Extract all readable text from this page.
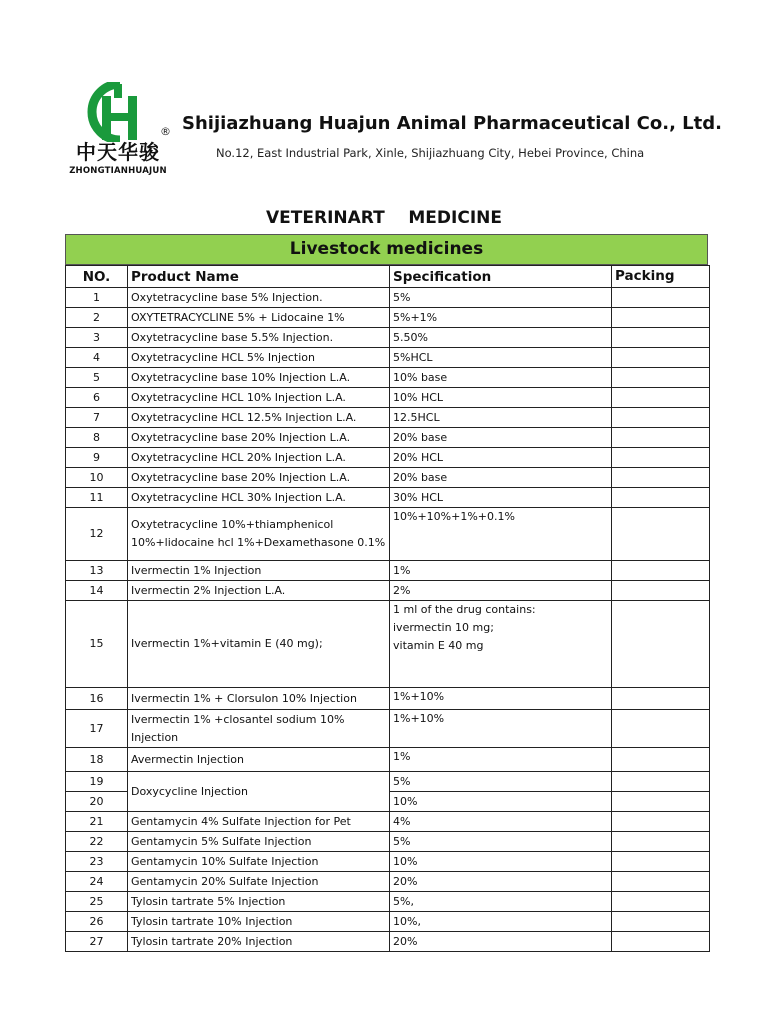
®
中天华骏
ZHONGTIANHUAJUN
Shijiazhuang Huajun Animal Pharmaceutical Co., Ltd.
No.12, East Industrial Park, Xinle, Shijiazhuang City, Hebei Province, China
VETERINART    MEDICINE
Livestock medicines
NO.	Product Name	Specification	Packing
1	Oxytetracycline base 5% Injection.	5%	
2	OXYTETRACYCLINE 5% + Lidocaine 1%	5%+1%	
3	Oxytetracycline base 5.5% Injection.	5.50%	
4	Oxytetracycline HCL 5% Injection	5%HCL	
5	Oxytetracycline base 10% Injection L.A.	10% base	
6	Oxytetracycline HCL 10% Injection L.A.	10% HCL	
7	Oxytetracycline HCL 12.5% Injection L.A.	12.5HCL	
8	Oxytetracycline base 20% Injection L.A.	20% base	
9	Oxytetracycline HCL 20% Injection L.A.	20% HCL	
10	Oxytetracycline base 20% Injection L.A.	20% base	
11	Oxytetracycline HCL 30% Injection L.A.	30% HCL	
12	Oxytetracycline 10%+thiamphenicol 10%+lidocaine hcl 1%+Dexamethasone 0.1%	10%+10%+1%+0.1%	
13	Ivermectin 1% Injection	1%	
14	Ivermectin 2% Injection L.A.	2%	
15	Ivermectin 1%+vitamin E (40 mg);	1 ml of the drug contains:
ivermectin 10 mg;
vitamin E 40 mg	

16	Ivermectin 1% + Clorsulon 10% Injection	1%+10%	
17	Ivermectin 1% +closantel sodium 10% Injection	1%+10%	
18	Avermectin Injection	1%	
19	Doxycycline Injection	5%	
20		10%	
21	Gentamycin 4% Sulfate Injection for Pet	4%	
22	Gentamycin 5% Sulfate Injection	5%	
23	Gentamycin 10% Sulfate Injection	10%	
24	Gentamycin 20% Sulfate Injection	20%	
25	Tylosin tartrate 5% Injection	5%,	
26	Tylosin tartrate 10% Injection	10%,	
27	Tylosin tartrate 20% Injection	20%	
